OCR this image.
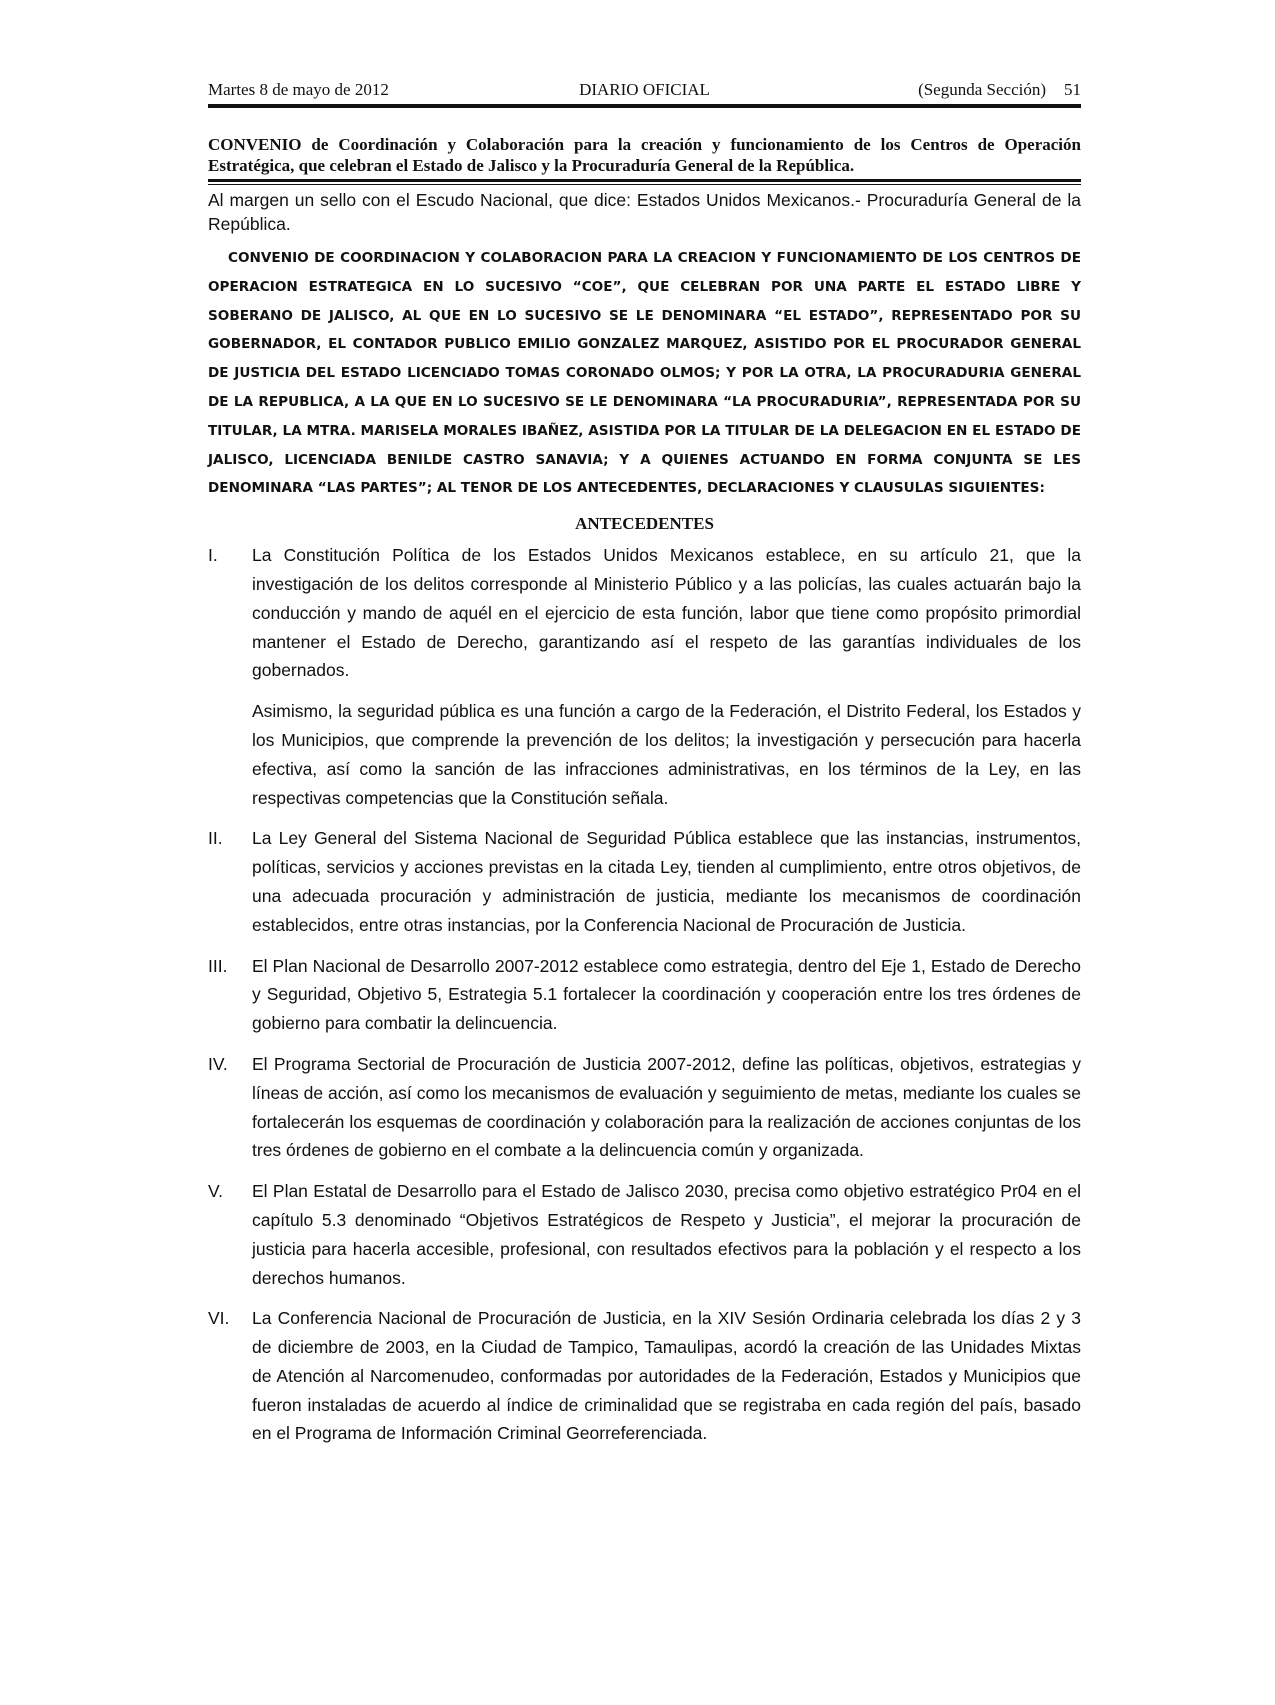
Martes 8 de mayo de 2012	DIARIO OFICIAL	(Segunda Sección) 51
CONVENIO de Coordinación y Colaboración para la creación y funcionamiento de los Centros de Operación Estratégica, que celebran el Estado de Jalisco y la Procuraduría General de la República.
Al margen un sello con el Escudo Nacional, que dice: Estados Unidos Mexicanos.- Procuraduría General de la República.
CONVENIO DE COORDINACION Y COLABORACION PARA LA CREACION Y FUNCIONAMIENTO DE LOS CENTROS DE OPERACION ESTRATEGICA EN LO SUCESIVO “COE”, QUE CELEBRAN POR UNA PARTE EL ESTADO LIBRE Y SOBERANO DE JALISCO, AL QUE EN LO SUCESIVO SE LE DENOMINARA “EL ESTADO”, REPRESENTADO POR SU GOBERNADOR, EL CONTADOR PUBLICO EMILIO GONZALEZ MARQUEZ, ASISTIDO POR EL PROCURADOR GENERAL DE JUSTICIA DEL ESTADO LICENCIADO TOMAS CORONADO OLMOS; Y POR LA OTRA, LA PROCURADURIA GENERAL DE LA REPUBLICA, A LA QUE EN LO SUCESIVO SE LE DENOMINARA “LA PROCURADURIA”, REPRESENTADA POR SU TITULAR, LA MTRA. MARISELA MORALES IBAÑEZ, ASISTIDA POR LA TITULAR DE LA DELEGACION EN EL ESTADO DE JALISCO, LICENCIADA BENILDE CASTRO SANAVIA; Y A QUIENES ACTUANDO EN FORMA CONJUNTA SE LES DENOMINARA “LAS PARTES”; AL TENOR DE LOS ANTECEDENTES, DECLARACIONES Y CLAUSULAS SIGUIENTES:
ANTECEDENTES
I.	La Constitución Política de los Estados Unidos Mexicanos establece, en su artículo 21, que la investigación de los delitos corresponde al Ministerio Público y a las policías, las cuales actuarán bajo la conducción y mando de aquél en el ejercicio de esta función, labor que tiene como propósito primordial mantener el Estado de Derecho, garantizando así el respeto de las garantías individuales de los gobernados.

Asimismo, la seguridad pública es una función a cargo de la Federación, el Distrito Federal, los Estados y los Municipios, que comprende la prevención de los delitos; la investigación y persecución para hacerla efectiva, así como la sanción de las infracciones administrativas, en los términos de la Ley, en las respectivas competencias que la Constitución señala.

II.	La Ley General del Sistema Nacional de Seguridad Pública establece que las instancias, instrumentos, políticas, servicios y acciones previstas en la citada Ley, tienden al cumplimiento, entre otros objetivos, de una adecuada procuración y administración de justicia, mediante los mecanismos de coordinación establecidos, entre otras instancias, por la Conferencia Nacional de Procuración de Justicia.

III.	El Plan Nacional de Desarrollo 2007-2012 establece como estrategia, dentro del Eje 1, Estado de Derecho y Seguridad, Objetivo 5, Estrategia 5.1 fortalecer la coordinación y cooperación entre los tres órdenes de gobierno para combatir la delincuencia.

IV.	El Programa Sectorial de Procuración de Justicia 2007-2012, define las políticas, objetivos, estrategias y líneas de acción, así como los mecanismos de evaluación y seguimiento de metas, mediante los cuales se fortalecerán los esquemas de coordinación y colaboración para la realización de acciones conjuntas de los tres órdenes de gobierno en el combate a la delincuencia común y organizada.

V.	El Plan Estatal de Desarrollo para el Estado de Jalisco 2030, precisa como objetivo estratégico Pr04 en el capítulo 5.3 denominado “Objetivos Estratégicos de Respeto y Justicia”, el mejorar la procuración de justicia para hacerla accesible, profesional, con resultados efectivos para la población y el respecto a los derechos humanos.

VI.	La Conferencia Nacional de Procuración de Justicia, en la XIV Sesión Ordinaria celebrada los días 2 y 3 de diciembre de 2003, en la Ciudad de Tampico, Tamaulipas, acordó la creación de las Unidades Mixtas de Atención al Narcomenudeo, conformadas por autoridades de la Federación, Estados y Municipios que fueron instaladas de acuerdo al índice de criminalidad que se registraba en cada región del país, basado en el Programa de Información Criminal Georreferenciada.
